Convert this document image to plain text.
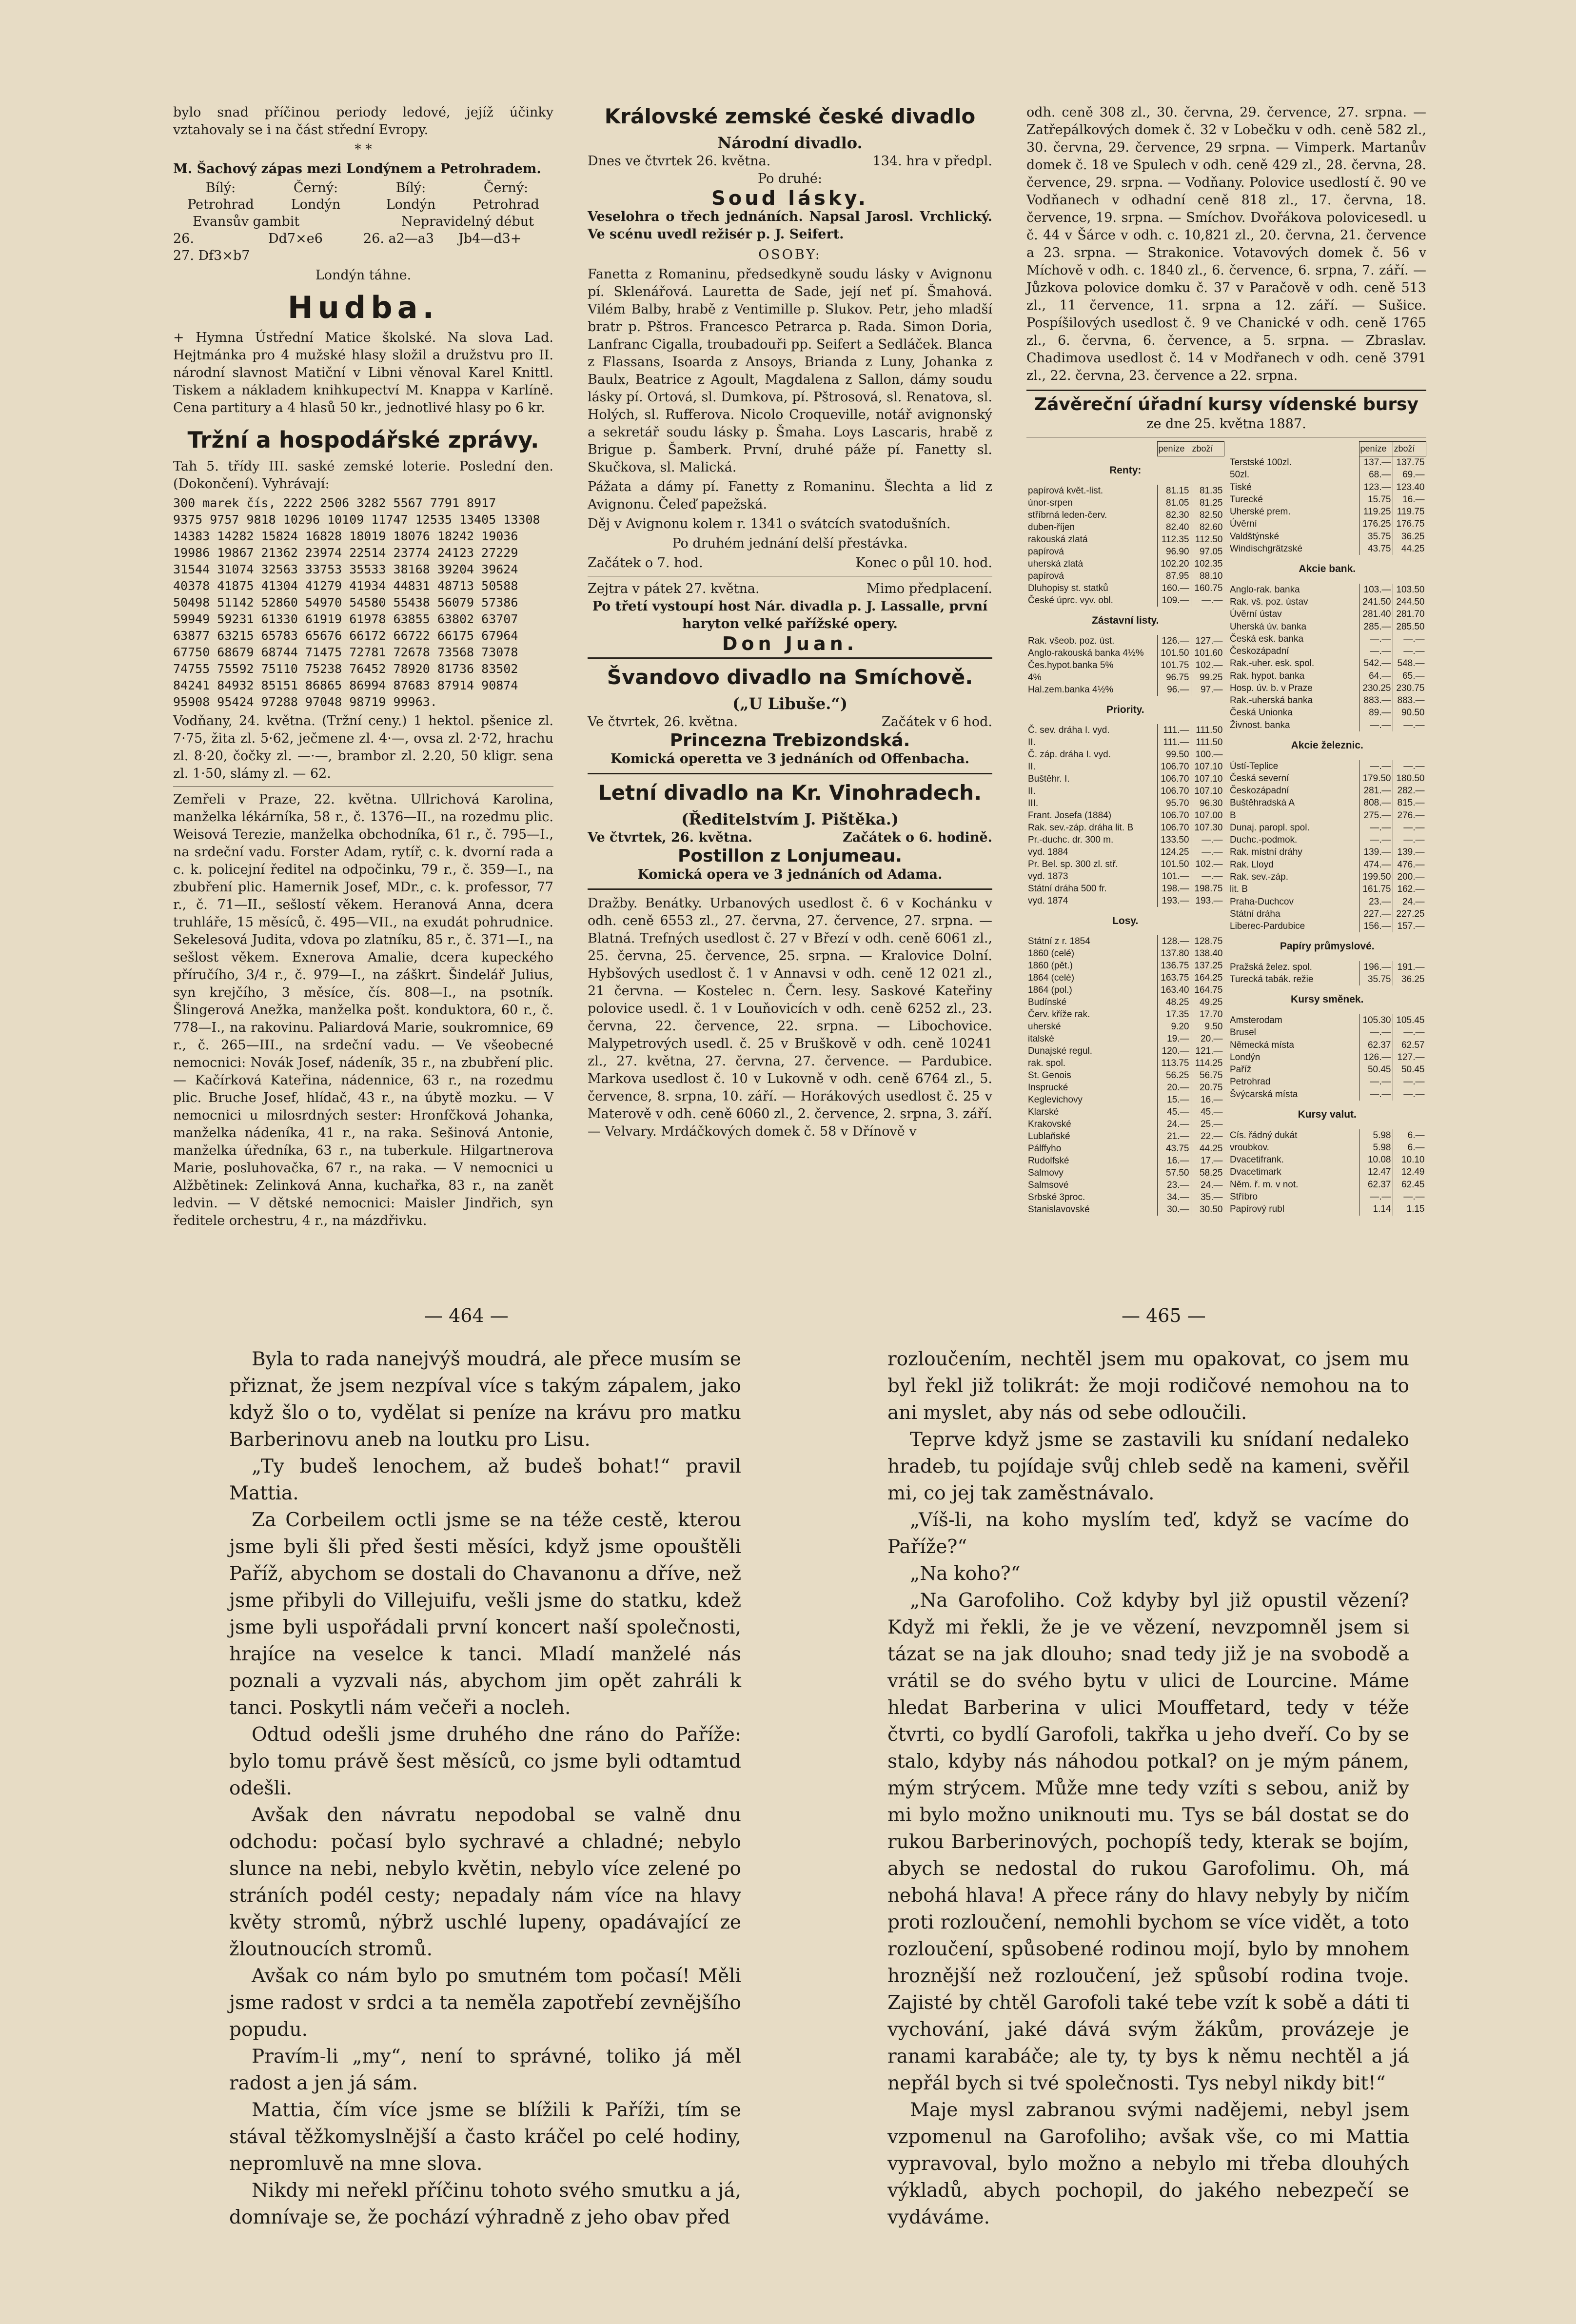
bylo snad příčinou periody ledové, jejíž účinky vztahovaly se i na část střední Evropy.

* *

M. Šachový zápas mezi Londýnem a Petrohradem.

Bílý:	Černý:	Bílý:	Černý:
Petrohrad	Londýn	Londýn	Petrohrad
Evansův gambit	Nepravidelný début
26.	Dd7×e6	26. a2—a3	Jb4—d3+

27. Df3×b7

Londýn táhne.

Hudba.

+ Hymna Ústřední Matice školské. Na slova Lad. Hejtmánka pro 4 mužské hlasy složil a družstvu pro II. národní slavnost Matiční v Libni věnoval Karel Knittl. Tiskem a nákladem knihkupectví M. Knappa v Karlíně. Cena partitury a 4 hlasů 50 kr., jednotlivé hlasy po 6 kr.

Tržní a hospodářské zprávy.

Tah 5. třídy III. saské zemské loterie. Poslední den. (Dokončení). Vyhrávají:

300 marek čís, 2222 2506 3282 5567 7791 8917
9375 9757 9818 10296 10109 11747 12535 13405 13308
14383 14282 15824 16828 18019 18076 18242 19036
19986 19867 21362 23974 22514 23774 24123 27229
31544 31074 32563 33753 35533 38168 39204 39624
40378 41875 41304 41279 41934 44831 48713 50588
50498 51142 52860 54970 54580 55438 56079 57386
59949 59231 61330 61919 61978 63855 63802 63707
63877 63215 65783 65676 66172 66722 66175 67964
67750 68679 68744 71475 72781 72678 73568 73078
74755 75592 75110 75238 76452 78920 81736 83502
84241 84932 85151 86865 86994 87683 87914 90874
95908 95424 97288 97048 98719 99963.

Vodňany, 24. května. (Tržní ceny.) 1 hektol. pšenice zl. 7·75, žita zl. 5·62, ječmene zl. 4·—, ovsa zl. 2·72, hrachu zl. 8·20, čočky zl. —·—, brambor zl. 2.20, 50 kligr. sena zl. 1·50, slámy zl. — 62.

Zemřeli v Praze, 22. května. Ullrichová Karolina, manželka lékárníka, 58 r., č. 1376—II., na rozedmu plic. Weisová Terezie, manželka obchodníka, 61 r., č. 795—I., na srdeční vadu. Forster Adam, rytíř, c. k. dvorní rada a c. k. policejní ředitel na odpočinku, 79 r., č. 359—I., na zbubření plic. Hamernik Josef, MDr., c. k. professor, 77 r., č. 71—II., sešlostí věkem. Heranová Anna, dcera truhláře, 15 měsíců, č. 495—VII., na exudát pohrudnice. Sekelesová Judita, vdova po zlatníku, 85 r., č. 371—I., na sešlost věkem. Exnerova Amalie, dcera kupeckého příručího, 3/4 r., č. 979—I., na záškrt. Šindelář Julius, syn krejčího, 3 měsíce, čís. 808—I., na psotník. Šlingerová Anežka, manželka pošt. konduktora, 60 r., č. 778—I., na rakovinu. Paliardová Marie, soukromnice, 69 r., č. 265—III., na srdeční vadu. — Ve všeobecné nemocnici: Novák Josef, nádeník, 35 r., na zbubření plic. — Kačírková Kateřina, nádennice, 63 r., na rozedmu plic. Bruche Josef, hlídač, 43 r., na úbytě mozku. — V nemocnici u milosrdných sester: Hronfčková Johanka, manželka nádeníka, 41 r., na raka. Sešinová Antonie, manželka úředníka, 63 r., na tuberkule. Hilgartnerova Marie, posluhovačka, 67 r., na raka. — V nemocnici u Alžbětinek: Zelinková Anna, kuchařka, 83 r., na zanět ledvin. — V dětské nemocnici: Maisler Jindřich, syn ředitele orchestru, 4 r., na mázdřivku.

Královské zemské české divadlo
Národní divadlo.
Dnes ve čtvrtek 26. května.	134. hra v předpl.

Po druhé:

Soud lásky.

Veselohra o třech jednáních. Napsal Jarosl. Vrchlický. Ve scénu uvedl režisér p. J. Seifert.

OSOBY:

Fanetta z Romaninu, předsedkyně soudu lásky v Avignonu pí. Sklenářová. Lauretta de Sade, její neť pí. Šmahová. Vilém Balby, hrabě z Ventimille p. Slukov. Petr, jeho mladší bratr p. Pštros. Francesco Petrarca p. Rada. Simon Doria, Lanfranc Cigalla, troubadouři pp. Seifert a Sedláček. Blanca z Flassans, Isoarda z Ansoys, Brianda z Luny, Johanka z Baulx, Beatrice z Agoult, Magdalena z Sallon, dámy soudu lásky pí. Ortová, sl. Dumkova, pí. Pštrosová, sl. Renatova, sl. Holých, sl. Rufferova. Nicolo Croqueville, notář avignonský a sekretář soudu lásky p. Šmaha. Loys Lascaris, hrabě z Brigue p. Šamberk. První, druhé páže pí. Fanetty sl. Skučkova, sl. Malická.

Pážata a dámy pí. Fanetty z Romaninu. Šlechta a lid z Avignonu. Čeleď papežská.

Děj v Avignonu kolem r. 1341 o svátcích svatodušních.

Po druhém jednání delší přestávka.

Začátek o 7. hod.	Konec o půl 10. hod.
Zejtra v pátek 27. května.	Mimo předplacení.

Po třetí vystoupí host Nár. divadla p. J. Lassalle, první haryton velké pařížské opery.

Don Juan.
Švandovo divadlo na Smíchově.
(„U Libuše.“)
Ve čtvrtek, 26. května.	Začátek v 6 hod.
Princezna Trebizondská.

Komická operetta ve 3 jednáních od Offenbacha.

Letní divadlo na Kr. Vinohradech.
(Ředitelstvím J. Pištěka.)
Ve čtvrtek, 26. května.	Začátek o 6. hodině.
Postillon z Lonjumeau.

Komická opera ve 3 jednáních od Adama.

Dražby. Benátky. Urbanových usedlost č. 6 v Kochánku v odh. ceně 6553 zl., 27. června, 27. července, 27. srpna. — Blatná. Trefných usedlost č. 27 v Březí v odh. ceně 6061 zl., 25. června, 25. července, 25. srpna. — Kralovice Dolní. Hybšových usedlost č. 1 v Annavsi v odh. ceně 12 021 zl., 21 června. — Kostelec n. Čern. lesy. Saskové Kateřiny polovice usedl. č. 1 v Louňovicích v odh. ceně 6252 zl., 23. června, 22. července, 22. srpna. — Libochovice. Malypetrových usedl. č. 25 v Bruškově v odh. ceně 10241 zl., 27. května, 27. června, 27. července. — Pardubice. Markova usedlost č. 10 v Lukovně v odh. ceně 6764 zl., 5. července, 8. srpna, 10. září. — Horákových usedlost č. 25 v Materově v odh. ceně 6060 zl., 2. července, 2. srpna, 3. září. — Velvary. Mrdáčkových domek č. 58 v Dřínově v

odh. ceně 308 zl., 30. června, 29. července, 27. srpna. — Zatřepálkových domek č. 32 v Lobečku v odh. ceně 582 zl., 30. června, 29. července, 29 srpna. — Vimperk. Martanův domek č. 18 ve Spulech v odh. ceně 429 zl., 28. června, 28. července, 29. srpna. — Vodňany. Polovice usedlostí č. 90 ve Vodňanech v odhadní ceně 818 zl., 17. června, 18. července, 19. srpna. — Smíchov. Dvořákova polovicesedl. u č. 44 v Šárce v odh. c. 10,821 zl., 20. června, 21. července a 23. srpna. — Strakonice. Votavových domek č. 56 v Míchově v odh. c. 1840 zl., 6. července, 6. srpna, 7. září. — Jůzkova polovice domku č. 37 v Paračově v odh. ceně 513 zl., 11 července, 11. srpna a 12. září. — Sušice. Pospíšilových usedlost č. 9 ve Chanické v odh. ceně 1765 zl., 6. června, 6. července, a 5. srpna. — Zbraslav. Chadimova usedlost č. 14 v Modřanech v odh. ceně 3791 zl., 22. června, 23. července a 22. srpna.

Závěreční úřadní kursy vídenské bursy

ze dne 25. května 1887.

	peníze	zboží
Renty:		
papírová květ.-list.	81.15	81.35
únor-srpen	81.05	81.25
stříbrná leden-červ.	82.30	82.50
duben-říjen	82.40	82.60
rakouská zlatá	112.35	112.50
papírová	96.90	97.05
uherská zlatá	102.20	102.35
papírová	87.95	88.10
Dluhopisy st. statků	160.—	160.75
České úprc. vyv. obl.	109.—	—.—
Zástavní listy.		
Rak. všeob. poz. úst.	126.—	127.—
Anglo-rakouská banka 4½%	101.50	101.60
Čes.hypot.banka 5%	101.75	102.—
4%	96.75	99.25
Hal.zem.banka 4½%	96.—	97.—
Priority.		
Č. sev. dráha I. vyd.	111.—	111.50
II.	111.—	111.50
Č. záp. dráha I. vyd.	99.50	100.—
II.	106.70	107.10
Buštěhr. I.	106.70	107.10
II.	106.70	107.10
III.	95.70	96.30
Frant. Josefa (1884)	106.70	107.00
Rak. sev.-záp. dráha lit. B	106.70	107.30
Pr.-duchc. dr. 300 m.	133.50	—.—
vyd. 1884	124.25	—.—
Pr. Bel. sp. 300 zl. stř.	101.50	102.—
vyd. 1873	101.—	—.—
Státní dráha 500 fr.	198.—	198.75
vyd. 1874	193.—	193.—
Losy.		
Státní z r. 1854	128.—	128.75
1860 (celé)	137.80	138.40
1860 (pět.)	136.75	137.25
1864 (celé)	163.75	164.25
1864 (pol.)	163.40	164.75
Budínské	48.25	49.25
Červ. kříže rak.	17.35	17.70
uherské	9.20	9.50
italské	19.—	20.—
Dunajské regul.	120.—	121.—
rak. spol.	113.75	114.25
St. Genois	56.25	56.75
Insprucké	20.—	20.75
Keglevichovy	15.—	16.—
Klarské	45.—	45.—
Krakovské	24.—	25.—
Lublaňské	21.—	22.—
Pálffyho	43.75	44.25
Rudolfské	16.—	17.—
Salmovy	57.50	58.25
Salmsové	23.—	24.—
Srbské 3proc.	34.—	35.—
Stanislavovské	30.—	30.50
	peníze	zboží
Terstské 100zl.	137.—	137.75
50zl.	68.—	69.—
Tiské	123.—	123.40
Turecké	15.75	16.—
Uherské prem.	119.25	119.75
Úvěrní	176.25	176.75
Valdštýnské	35.75	36.25
Windischgrätzské	43.75	44.25
Akcie bank.		
Anglo-rak. banka	103.—	103.50
Rak. vš. poz. ústav	241.50	244.50
Úvěrní ústav	281.40	281.70
Uherská úv. banka	285.—	285.50
Česká esk. banka	—.—	—.—
Českozápadní	—.—	—.—
Rak.-uher. esk. spol.	542.—	548.—
Rak. hypot. banka	64.—	65.—
Hosp. úv. b. v Praze	230.25	230.75
Rak.-uherská banka	883.—	883.—
Česká Unionka	89.—	90.50
Živnost. banka	—.—	—.—
Akcie železnic.		
Ústí-Teplice	—.—	—.—
Česká severní	179.50	180.50
Českozápadní	281.—	282.—
Buštěhradská A	808.—	815.—
B	275.—	276.—
Dunaj. paropl. spol.	—.—	—.—
Duchc.-podmok.	—.—	—.—
Rak. místní dráhy	139.—	139.—
Rak. Lloyd	474.—	476.—
Rak. sev.-záp.	199.50	200.—
lit. B	161.75	162.—
Praha-Duchcov	23.—	24.—
Státní dráha	227.—	227.25
Liberec-Pardubice	156.—	157.—
Papíry průmyslové.		
Pražská želez. spol.	196.—	191.—
Turecká tabák. režie	35.75	36.25
Kursy směnek.		
Amsterodam	105.30	105.45
Brusel	—.—	—.—
Německá místa	62.37	62.57
Londýn	126.—	127.—
Paříž	50.45	50.45
Petrohrad	—.—	—.—
Švýcarská místa	—.—	—.—
Kursy valut.		
Cís. řádný dukát	5.98	6.—
vroubkov.	5.98	6.—
Dvacetifrank.	10.08	10.10
Dvacetimark	12.47	12.49
Něm. ř. m. v not.	62.37	62.45
Stříbro	—.—	—.—
Papírový rubl	1.14	1.15
— 464 —	— 465 —

Byla to rada nanejvýš moudrá, ale přece musím se přiznat, že jsem nezpíval více s takým zápalem, jako když šlo o to, vydělat si peníze na krávu pro matku Barberinovu aneb na loutku pro Lisu.

„Ty budeš lenochem, až budeš bohat!“ pravil Mattia.

Za Corbeilem octli jsme se na téže cestě, kterou jsme byli šli před šesti měsíci, když jsme opouštěli Paříž, abychom se dostali do Chavanonu a dříve, než jsme přibyli do Villejuifu, vešli jsme do statku, kdež jsme byli uspořádali první koncert naší společnosti, hrajíce na veselce k tanci. Mladí manželé nás poznali a vyzvali nás, abychom jim opět zahráli k tanci. Poskytli nám večeři a nocleh.

Odtud odešli jsme druhého dne ráno do Paříže: bylo tomu právě šest měsíců, co jsme byli odtamtud odešli.

Avšak den návratu nepodobal se valně dnu odchodu: počasí bylo sychravé a chladné; nebylo slunce na nebi, nebylo květin, nebylo více zelené po stráních podél cesty; nepadaly nám více na hlavy květy stromů, nýbrž uschlé lupeny, opadávající ze žloutnoucích stromů.

Avšak co nám bylo po smutném tom počasí! Měli jsme radost v srdci a ta neměla zapotřebí zevnějšího popudu.

Pravím-li „my“, není to správné, toliko já měl radost a jen já sám.

Mattia, čím více jsme se blížili k Paříži, tím se stával těžkomyslnější a často kráčel po celé hodiny, nepromluvě na mne slova.

Nikdy mi neřekl příčinu tohoto svého smutku a já, domnívaje se, že pochází výhradně z jeho obav před

rozloučením, nechtěl jsem mu opakovat, co jsem mu byl řekl již tolikrát: že moji rodičové nemohou na to ani myslet, aby nás od sebe odloučili.

Teprve když jsme se zastavili ku snídaní nedaleko hradeb, tu pojídaje svůj chleb sedě na kameni, svěřil mi, co jej tak zaměstnávalo.

„Víš-li, na koho myslím teď, když se vacíme do Paříže?“

„Na koho?“

„Na Garofoliho. Což kdyby byl již opustil vězení? Když mi řekli, že je ve vězení, nevzpomněl jsem si tázat se na jak dlouho; snad tedy již je na svobodě a vrátil se do svého bytu v ulici de Lourcine. Máme hledat Barberina v ulici Mouffetard, tedy v téže čtvrti, co bydlí Garofoli, takřka u jeho dveří. Co by se stalo, kdyby nás náhodou potkal? on je mým pánem, mým strýcem. Může mne tedy vzíti s sebou, aniž by mi bylo možno uniknouti mu. Tys se bál dostat se do rukou Barberinových, pochopíš tedy, kterak se bojím, abych se nedostal do rukou Garofolimu. Oh, má nebohá hlava! A přece rány do hlavy nebyly by ničím proti rozloučení, nemohli bychom se více vidět, a toto rozloučení, spůsobené rodinou mojí, bylo by mnohem hroznější než rozloučení, jež spůsobí rodina tvoje. Zajisté by chtěl Garofoli také tebe vzít k sobě a dáti ti vychování, jaké dává svým žákům, provázeje je ranami karabáče; ale ty, ty bys k němu nechtěl a já nepřál bych si tvé společnosti. Tys nebyl nikdy bit!“

Maje mysl zabranou svými nadějemi, nebyl jsem vzpomenul na Garofoliho; avšak vše, co mi Mattia vypravoval, bylo možno a nebylo mi třeba dlouhých výkladů, abych pochopil, do jakého nebezpečí se vydáváme.
